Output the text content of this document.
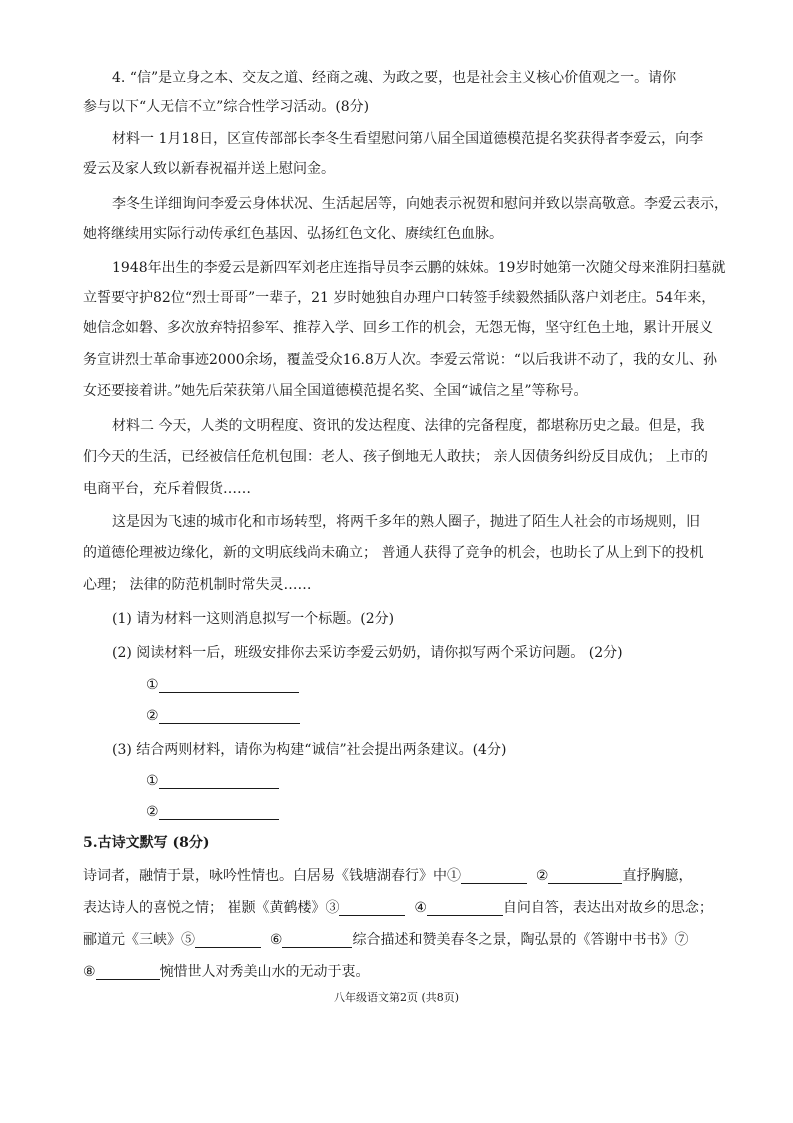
4. “信”是立身之本、交友之道、经商之魂、为政之要，也是社会主义核心价值观之一。请你
参与以下“人无信不立”综合性学习活动。(8分)
材料一 1月18日，区宣传部部长李冬生看望慰问第八届全国道德模范提名奖获得者李爱云，向李
爱云及家人致以新春祝福并送上慰问金。
李冬生详细询问李爱云身体状况、生活起居等，向她表示祝贺和慰问并致以崇高敬意。李爱云表示，
她将继续用实际行动传承红色基因、弘扬红色文化、赓续红色血脉。
1948年出生的李爱云是新四军刘老庄连指导员李云鹏的妹妹。19岁时她第一次随父母来淮阴扫墓就
立誓要守护82位“烈士哥哥”一辈子，21 岁时她独自办理户口转签手续毅然插队落户刘老庄。54年来，
她信念如磐、多次放弃特招参军、推荐入学、回乡工作的机会，无怨无悔，坚守红色土地，累计开展义
务宣讲烈士革命事迹2000余场，覆盖受众16.8万人次。李爱云常说：“以后我讲不动了，我的女儿、孙
女还要接着讲。”她先后荣获第八届全国道德模范提名奖、全国“诚信之星”等称号。
材料二 今天，人类的文明程度、资讯的发达程度、法律的完备程度，都堪称历史之最。但是，我
们今天的生活，已经被信任危机包围：老人、孩子倒地无人敢扶； 亲人因债务纠纷反目成仇； 上市的
电商平台，充斥着假货……
这是因为飞速的城市化和市场转型，将两千多年的熟人圈子，抛进了陌生人社会的市场规则，旧
的道德伦理被边缘化，新的文明底线尚未确立； 普通人获得了竞争的机会，也助长了从上到下的投机
心理； 法律的防范机制时常失灵……
(1) 请为材料一这则消息拟写一个标题。(2分)
(2) 阅读材料一后，班级安排你去采访李爱云奶奶，请你拟写两个采访问题。 (2分)
①
②
(3) 结合两则材料，请你为构建“诚信”社会提出两条建议。(4分)
①
②
5.古诗文默写 (8分)
诗词者，融情于景，咏吟性情也。白居易《钱塘湖春行》中①	②	直抒胸臆，
表达诗人的喜悦之情； 崔颢《黄鹤楼》③	④	自问自答，表达出对故乡的思念；
郦道元《三峡》⑤	⑥	综合描述和赞美春冬之景，陶弘景的《答谢中书书》⑦
⑧	惋惜世人对秀美山水的无动于衷。
八年级语文第2页 (共8页)
